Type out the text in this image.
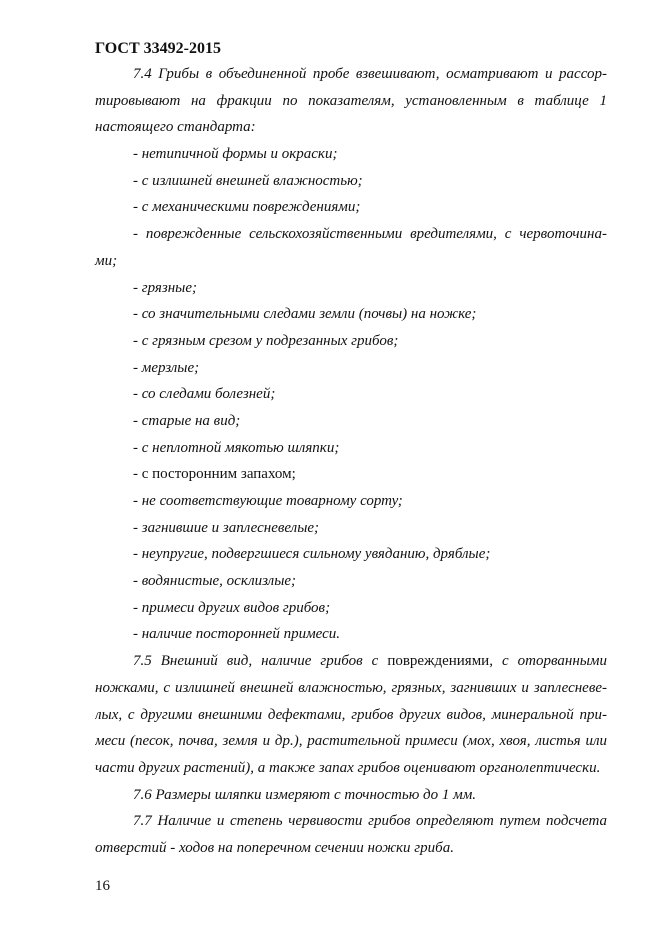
ГОСТ 33492-2015
7.4 Грибы в объединенной пробе взвешивают, осматривают и рассор-
тировывают на фракции по показателям, установленным в таблице 1
настоящего стандарта:
- нетипичной формы и окраски;
- с излишней внешней влажностью;
- с механическими повреждениями;
- поврежденные сельскохозяйственными вредителями, с червоточина-
ми;
- грязные;
- со значительными следами земли (почвы) на ножке;
- с грязным срезом у подрезанных грибов;
- мерзлые;
- со следами болезней;
- старые на вид;
- с неплотной мякотью шляпки;
- с посторонним запахом;
- не соответствующие товарному сорту;
- загнившие и заплесневелые;
- неупругие, подвергшиеся сильному увяданию, дряблые;
- водянистые, осклизлые;
- примеси других видов грибов;
- наличие посторонней примеси.
7.5 Внешний вид, наличие грибов с повреждениями, с оторванными
ножками, с излишней внешней влажностью, грязных, загнивших и заплесневе-
лых, с другими внешними дефектами, грибов других видов, минеральной при-
меси (песок, почва, земля и др.), растительной примеси (мох, хвоя, листья или
части других растений), а также запах грибов оценивают органолептически.
7.6 Размеры шляпки измеряют с точностью до 1 мм.
7.7 Наличие и степень червивости грибов определяют путем подсчета
отверстий - ходов на поперечном сечении ножки гриба.
16
